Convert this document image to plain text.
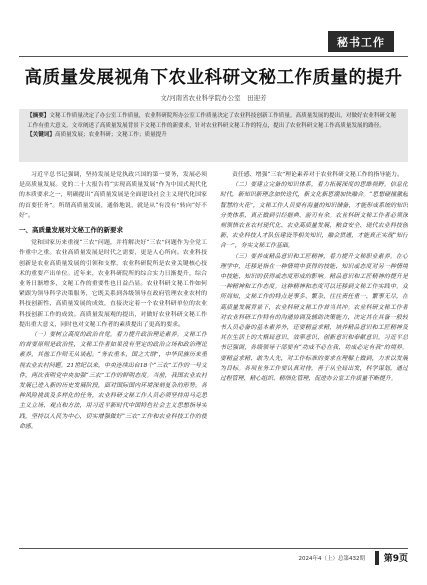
秘书工作
高质量发展视角下农业科研文秘工作质量的提升
文/河南省农业科学院办公室　田迎芳
【摘要】文秘工作质量决定了办公室工作质量，农业科研院所办公室工作质量决定了农业科技创新工作质量。高质量发展的提出，对做好农业科研文秘工作有重大意义。文章阐述了高质量发展背景下文秘工作的新要求，针对农业科研文秘工作的特点，提出了农业科研文秘工作高质量发展的路径。
【关键词】高质量发展；农业科研；文秘工作；质量提升

习近平总书记强调，坚持发展是党执政兴国的第一要务，发展必须是高质量发展。党的二十大报告将“实现高质量发展”作为中国式现代化的本质要求之一，明确提出“高质量发展是全面建设社会主义现代化国家的首要任务”。所谓高质量发展，通俗地说，就是从“有没有”转向“好不好”。

一、高质量发展对文秘工作的新要求

党和国家历来重视“三农”问题，并将解决好“三农”问题作为全党工作重中之重。农业高质量发展是时代之需要，更是人心所向。农业科技创新是农业高质量发展的引领和支撑，农业科研院所是农业关键核心技术的重要产出单位。近年来，农业科研院所的综合实力日渐提升，综合业务日渐增多，文秘工作的重要性也日益凸显。农业科研文秘工作如何紧跟为领导科学决策服务，它既关系到各级领导在政府管理农业农村的科技创新性、高质量发展的成效，直接决定着一个农业科研单位的农业科技创新工作的成效。高质量发展观的提出，对做好农业科研文秘工作提出重大意义，同时也对文秘工作者的素质提出了更高的要求。

（一）要树立高度的政治自觉。着力提升政治理论素养。文秘工作的首要原则是政治性，文秘工作者如果没有坚定的政治立场和政治理论素养，其他工作则无从谈起。“务农重本，国之大纲”，中华民族历来重视农业农村问题。21世纪以来，中央连续出台18个“三农”工作的一号文件，两次表明党中央加强“三农”工作的鲜明态度。当前，我国农业农村发展已进入新的历史发展阶段，面对国际国内环境深刻复杂的形势，各种风险挑战及多样化的任务，农业科研文秘工作人员必须坚持用马克思主义立场、观点和方法，用习近平新时代中国特色社会主义思想指导实践，坚持以人民为中心，切实增强做好“三农”工作和农业科技工作的使命感。

责任感、增强“三农”理论素养对于农业科研文秘工作的指导能力。

（二）要建立完备的知识体系，着力拓展深度的思维视野。信息化时代，新知识新理念加快迭代，新文化新思潮加快融合。“思想碰撞激起智慧的火花”，文秘工作人员要有海量的知识储备，才能形成系统的知识分类体系，真正做到引经据典、游刃有余。农业科研文秘工作者必须深刻领悟农业农村现代化、农业高质量发展、粮食安全、现代农业科技创新、农业科技人才队伍建设等相关知识，融会贯通，才能真正实现“知行合一”，夯实文秘工作基础。

（三）要养成精品意识和工匠精神，着力提升文秘职业素养。在心理学中，迁移是指在一种情境中获得的技能、知识或态度对另一种情境中技能、知识的获得或态度形成的影响。精品意识和工匠精神的提升是一种精神和工作态度。这种精神和态度可以迁移到文秘工作实践中。众所周知，文秘工作的特点是事多、繁杂，往往责任重一、繁事无尽，在高质量发展背景下，农业科研文秘工作首当其冲。农业科研文秘工作者对农业科研工作特有的沟通协调及辅助决策能力，决定其在具备一般较书人员必备的基本素养外，还要精益求精，培养精品意识和工匠精神及其在生活上的大格局意识、效率意识、创新意识和奉献意识。习近平总书记强调，各级领导干部要有“功成不必在我，功成必定有我”的境界。要精益求精、敢为人先，对工作标准的要求在理解上做到，力求以发展为目标。各项业务工作要认真对待，善于从全局出发，科学谋划，通过过程管理、精心组织、精细化管理，促进办公室工作质量不断提升。

2024年4（上）总第432期 第9页
